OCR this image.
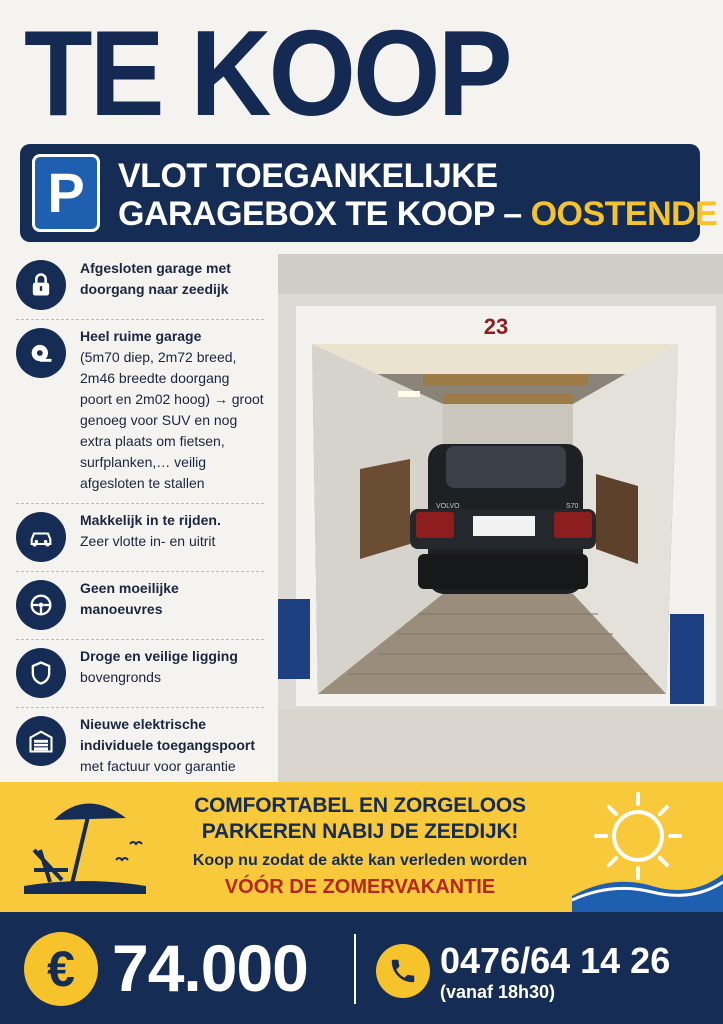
TE KOOP
P VLOT TOEGANKELIJKE
GARAGEBOX TE KOOP – OOSTENDE
Afgesloten garage met doorgang naar zeedijk
Heel ruime garage
(5m70 diep, 2m72 breed, 2m46 breedte doorgang poort en 2m02 hoog) → groot genoeg voor SUV en nog extra plaats om fietsen, surfplanken,… veilig afgesloten te stallen
Makkelijk in te rijden.
Zeer vlotte in- en uitrit
Geen moeilijke manoeuvres
Droge en veilige ligging
bovengronds
Nieuwe elektrische individuele toegangspoort
met factuur voor garantie
23
VOLVO	S70
COMFORTABEL EN ZORGELOOS
PARKEREN NABIJ DE ZEEDIJK!
Koop nu zodat de akte kan verleden worden
VÓÓR DE ZOMERVAKANTIE
€ 74.000	0476/64 14 26
(vanaf 18h30)
